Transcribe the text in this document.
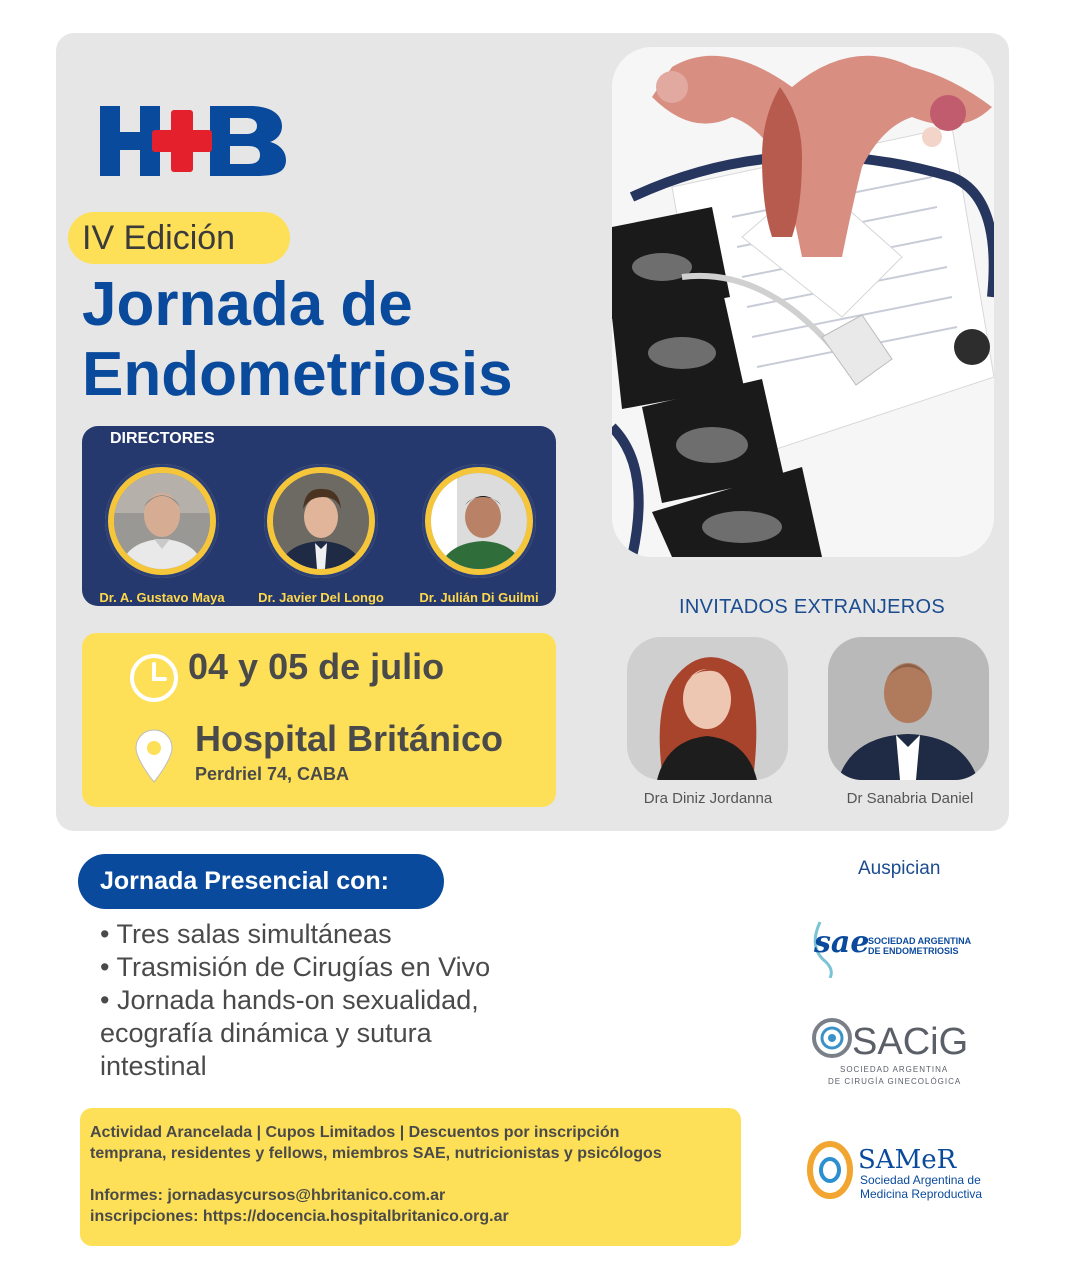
IV Edición
Jornada de
Endometriosis
DIRECTORES
Dr. A. Gustavo Maya	Dr. Javier Del Longo	Dr. Julián Di Guilmi
04 y 05 de julio
Hospital Británico
Perdriel 74, CABA
INVITADOS EXTRANJEROS
Dra Diniz Jordanna	Dr Sanabria Daniel
Jornada Presencial con:
• Tres salas simultáneas
• Trasmisión de Cirugías en Vivo
• Jornada hands-on sexualidad,
ecografía dinámica y sutura
intestinal

Actividad Arancelada | Cupos Limitados | Descuentos por inscripción

temprana, residentes y fellows, miembros SAE, nutricionistas y psicólogos

Informes: jornadasycursos@hbritanico.com.ar

inscripciones: https://docencia.hospitalbritanico.org.ar

Auspician
sae
SOCIEDAD ARGENTINA
DE ENDOMETRIOSIS
SACiG
SOCIEDAD ARGENTINA
DE CIRUGÍA GINECOLÓGICA
SAMeR
Sociedad Argentina de
Medicina Reproductiva
